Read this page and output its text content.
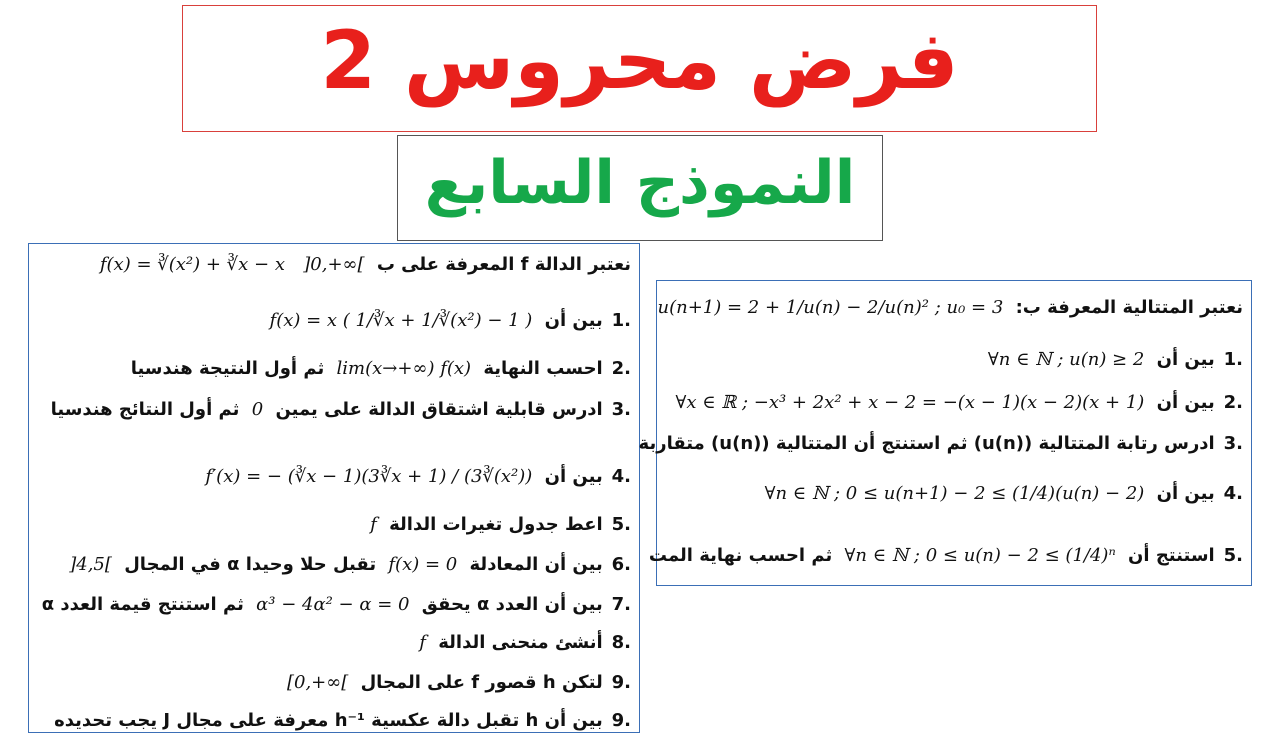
فرض محروس 2
النموذج السابع
نعتبر الدالة f المعرفة على ب ]0,+∞[ f(x) = ∛(x²) + ∛x − x
.1 بين أن f(x) = x ( 1/∛x + 1/∛(x²) − 1 )
.2 احسب النهاية lim(x→+∞) f(x) ثم أول النتيجة هندسيا
.3 ادرس قابلية اشتقاق الدالة على يمين 0 ثم أول النتائج هندسيا
.4 بين أن f′(x) = − (∛x − 1)(3∛x + 1) / (3∛(x²))
.5 اعط جدول تغيرات الدالة f
.6 بين أن المعادلة f(x) = 0 تقبل حلا وحيدا α في المجال ]4,5[
.7 بين أن العدد α يحقق α³ − 4α² − α = 0 ثم استنتج قيمة العدد α
.8 أنشئ منحنى الدالة f
.9 لتكن h قصور f على المجال [0,+∞[
.9 بين أن h تقبل دالة عكسية h⁻¹ معرفة على مجال J يجب تحديده
نعتبر المتتالية المعرفة ب: u(n+1) = 2 + 1/u(n) − 2/u(n)² ; u₀ = 3
.1 بين أن ∀n ∈ ℕ ; u(n) ≥ 2
.2 بين أن ∀x ∈ ℝ ; −x³ + 2x² + x − 2 = −(x − 1)(x − 2)(x + 1)
.3 ادرس رتابة المتتالية (u(n)) ثم استنتج أن المتتالية (u(n)) متقاربة
.4 بين أن ∀n ∈ ℕ ; 0 ≤ u(n+1) − 2 ≤ (1/4)(u(n) − 2)
.5 استنتج أن ∀n ∈ ℕ ; 0 ≤ u(n) − 2 ≤ (1/4)ⁿ ثم احسب نهاية المت
